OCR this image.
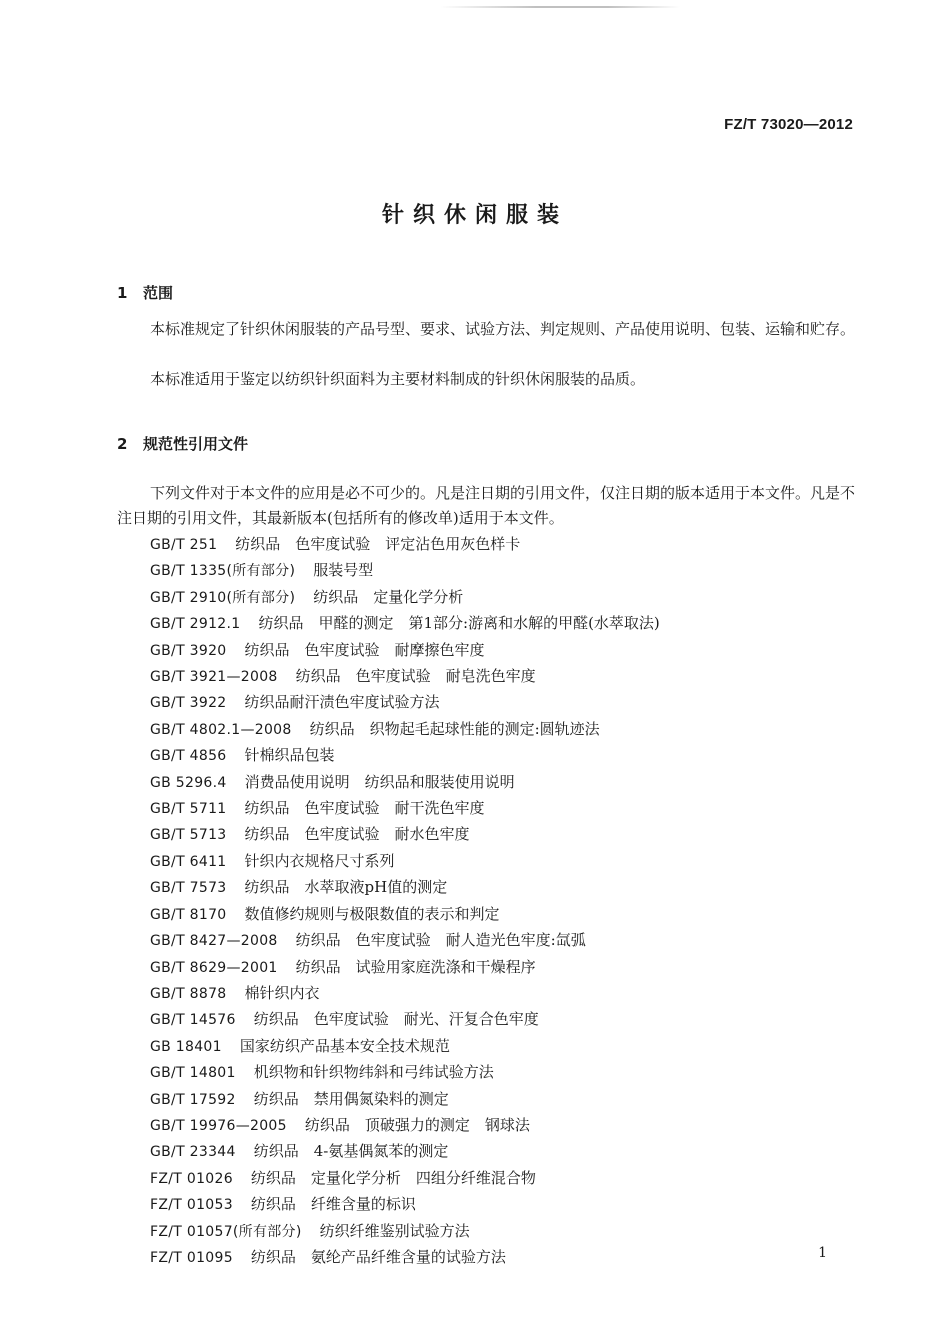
FZ/T 73020—2012
针织休闲服装
1 范围

本标准规定了针织休闲服装的产品号型、要求、试验方法、判定规则、产品使用说明、包装、运输和贮存。

本标准适用于鉴定以纺织针织面料为主要材料制成的针织休闲服装的品质。

2 规范性引用文件

下列文件对于本文件的应用是必不可少的。凡是注日期的引用文件，仅注日期的版本适用于本文件。凡是不注日期的引用文件，其最新版本(包括所有的修改单)适用于本文件。

GB/T 251 纺织品　色牢度试验　评定沾色用灰色样卡
GB/T 1335(所有部分) 服装号型
GB/T 2910(所有部分) 纺织品　定量化学分析
GB/T 2912.1 纺织品　甲醛的测定　第1部分:游离和水解的甲醛(水萃取法)
GB/T 3920 纺织品　色牢度试验　耐摩擦色牢度
GB/T 3921—2008 纺织品　色牢度试验　耐皂洗色牢度
GB/T 3922 纺织品耐汗渍色牢度试验方法
GB/T 4802.1—2008 纺织品　织物起毛起球性能的测定:圆轨迹法
GB/T 4856 针棉织品包装
GB 5296.4 消费品使用说明　纺织品和服装使用说明
GB/T 5711 纺织品　色牢度试验　耐干洗色牢度
GB/T 5713 纺织品　色牢度试验　耐水色牢度
GB/T 6411 针织内衣规格尺寸系列
GB/T 7573 纺织品　水萃取液pH值的测定
GB/T 8170 数值修约规则与极限数值的表示和判定
GB/T 8427—2008 纺织品　色牢度试验　耐人造光色牢度:氙弧
GB/T 8629—2001 纺织品　试验用家庭洗涤和干燥程序
GB/T 8878 棉针织内衣
GB/T 14576 纺织品　色牢度试验　耐光、汗复合色牢度
GB 18401 国家纺织产品基本安全技术规范
GB/T 14801 机织物和针织物纬斜和弓纬试验方法
GB/T 17592 纺织品　禁用偶氮染料的测定
GB/T 19976—2005 纺织品　顶破强力的测定　钢球法
GB/T 23344 纺织品　4-氨基偶氮苯的测定
FZ/T 01026 纺织品　定量化学分析　四组分纤维混合物
FZ/T 01053 纺织品　纤维含量的标识
FZ/T 01057(所有部分) 纺织纤维鉴别试验方法
FZ/T 01095 纺织品　氨纶产品纤维含量的试验方法	1
